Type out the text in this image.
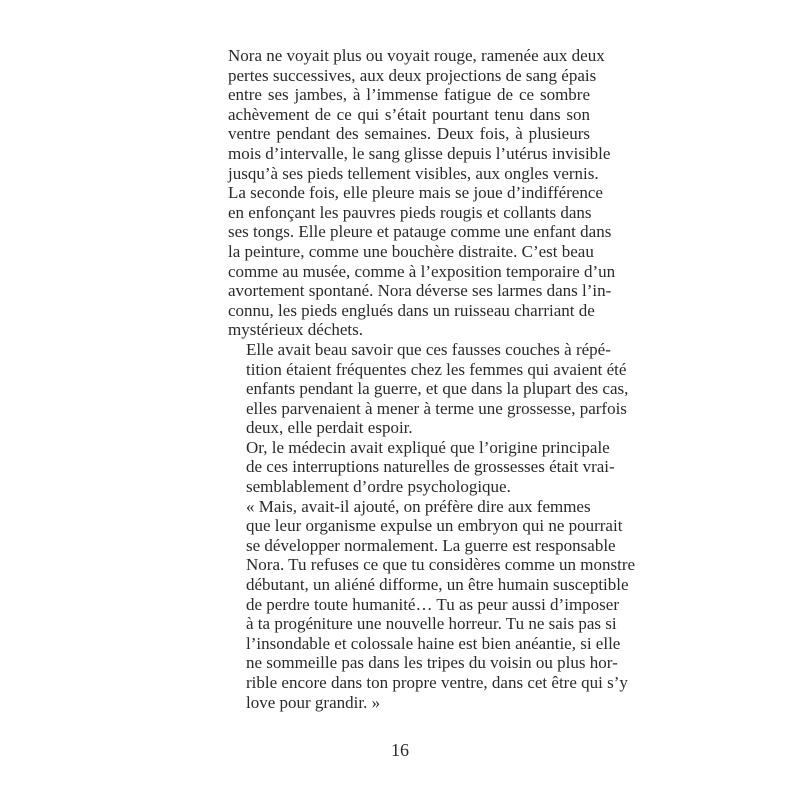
Nora ne voyait plus ou voyait rouge, ramenée aux deux
pertes successives, aux deux projections de sang épais
entre ses jambes, à l’immense fatigue de ce sombre
achèvement de ce qui s’était pourtant tenu dans son
ventre pendant des semaines. Deux fois, à plusieurs
mois d’intervalle, le sang glisse depuis l’utérus invisible
jusqu’à ses pieds tellement visibles, aux ongles vernis.
La seconde fois, elle pleure mais se joue d’indifférence
en enfonçant les pauvres pieds rougis et collants dans
ses tongs. Elle pleure et patauge comme une enfant dans
la peinture, comme une bouchère distraite. C’est beau
comme au musée, comme à l’exposition temporaire d’un
avortement spontané. Nora déverse ses larmes dans l’in-
connu, les pieds englués dans un ruisseau charriant de
mystérieux déchets.

Elle avait beau savoir que ces fausses couches à répé-
tition étaient fréquentes chez les femmes qui avaient été
enfants pendant la guerre, et que dans la plupart des cas,
elles parvenaient à mener à terme une grossesse, parfois
deux, elle perdait espoir.

Or, le médecin avait expliqué que l’origine principale
de ces interruptions naturelles de grossesses était vrai-
semblablement d’ordre psychologique.

« Mais, avait-il ajouté, on préfère dire aux femmes
que leur organisme expulse un embryon qui ne pourrait
se développer normalement. La guerre est responsable
Nora. Tu refuses ce que tu considères comme un monstre
débutant, un aliéné difforme, un être humain susceptible
de perdre toute humanité… Tu as peur aussi d’imposer
à ta progéniture une nouvelle horreur. Tu ne sais pas si
l’insondable et colossale haine est bien anéantie, si elle
ne sommeille pas dans les tripes du voisin ou plus hor-
rible encore dans ton propre ventre, dans cet être qui s’y
love pour grandir. »

16
